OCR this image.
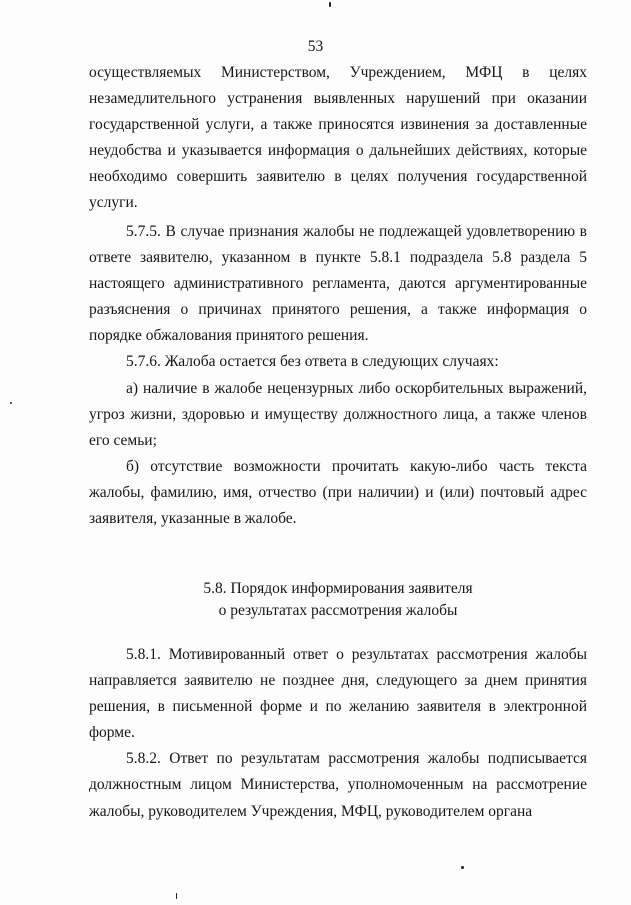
53

осуществляемых Министерством, Учреждением, МФЦ в целях незамедлительного устранения выявленных нарушений при оказании государственной услуги, а также приносятся извинения за доставленные неудобства и указывается информация о дальнейших действиях, которые необходимо совершить заявителю в целях получения государственной услуги.

5.7.5. В случае признания жалобы не подлежащей удовлетворению в ответе заявителю, указанном в пункте 5.8.1 подраздела 5.8 раздела 5 настоящего административного регламента, даются аргументированные разъяснения о причинах принятого решения, а также информация о порядке обжалования принятого решения.

5.7.6. Жалоба остается без ответа в следующих случаях:

а) наличие в жалобе нецензурных либо оскорбительных выражений, угроз жизни, здоровью и имуществу должностного лица, а также членов его семьи;

б) отсутствие возможности прочитать какую-либо часть текста жалобы, фамилию, имя, отчество (при наличии) и (или) почтовый адрес заявителя, указанные в жалобе.

5.8. Порядок информирования заявителя
о результатах рассмотрения жалобы

5.8.1. Мотивированный ответ о результатах рассмотрения жалобы направляется заявителю не позднее дня, следующего за днем принятия решения, в письменной форме и по желанию заявителя в электронной форме.

5.8.2. Ответ по результатам рассмотрения жалобы подписывается должностным лицом Министерства, уполномоченным на рассмотрение жалобы, руководителем Учреждения, МФЦ, руководителем органа
